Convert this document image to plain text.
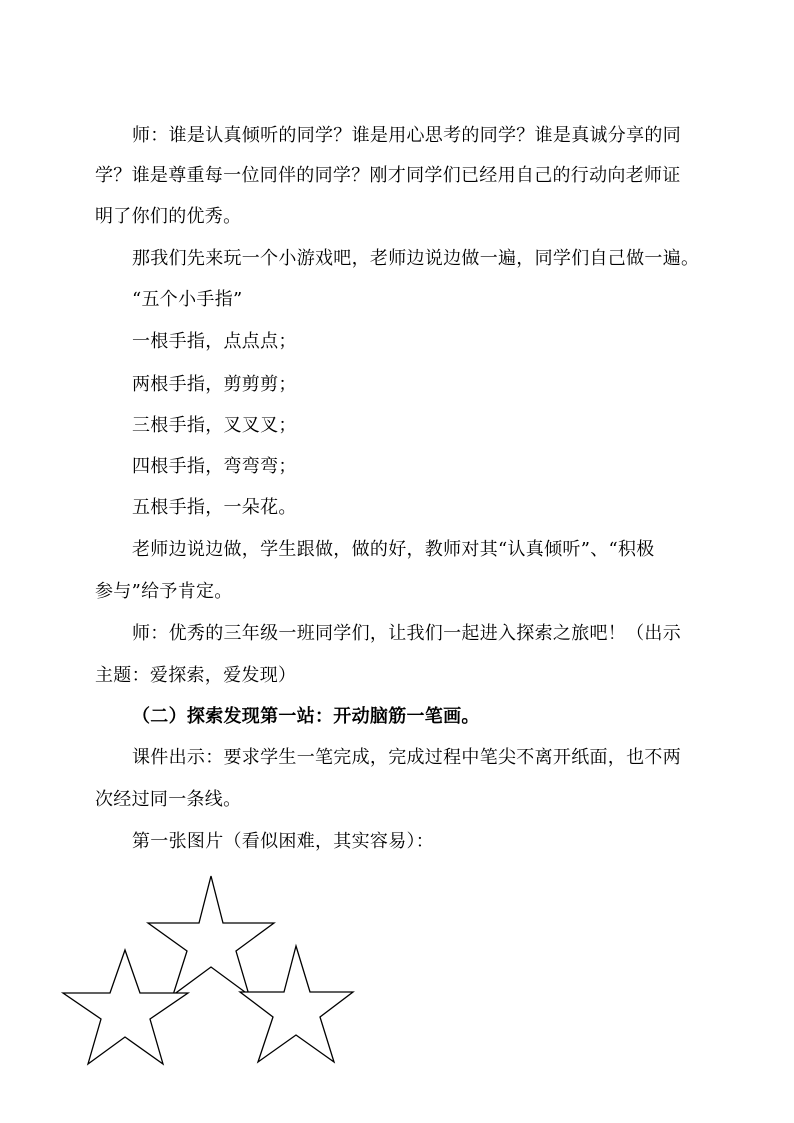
师：谁是认真倾听的同学？谁是用心思考的同学？谁是真诚分享的同
学？谁是尊重每一位同伴的同学？刚才同学们已经用自己的行动向老师证
明了你们的优秀。
那我们先来玩一个小游戏吧，老师边说边做一遍，同学们自己做一遍。
“五个小手指”
一根手指，点点点；
两根手指，剪剪剪；
三根手指，叉叉叉；
四根手指，弯弯弯；
五根手指，一朵花。
老师边说边做，学生跟做，做的好，教师对其“认真倾听”、“积极
参与”给予肯定。
师：优秀的三年级一班同学们，让我们一起进入探索之旅吧！（出示
主题：爱探索，爱发现）
（二）探索发现第一站：开动脑筋一笔画。
课件出示：要求学生一笔完成，完成过程中笔尖不离开纸面，也不两
次经过同一条线。
第一张图片（看似困难，其实容易）：
